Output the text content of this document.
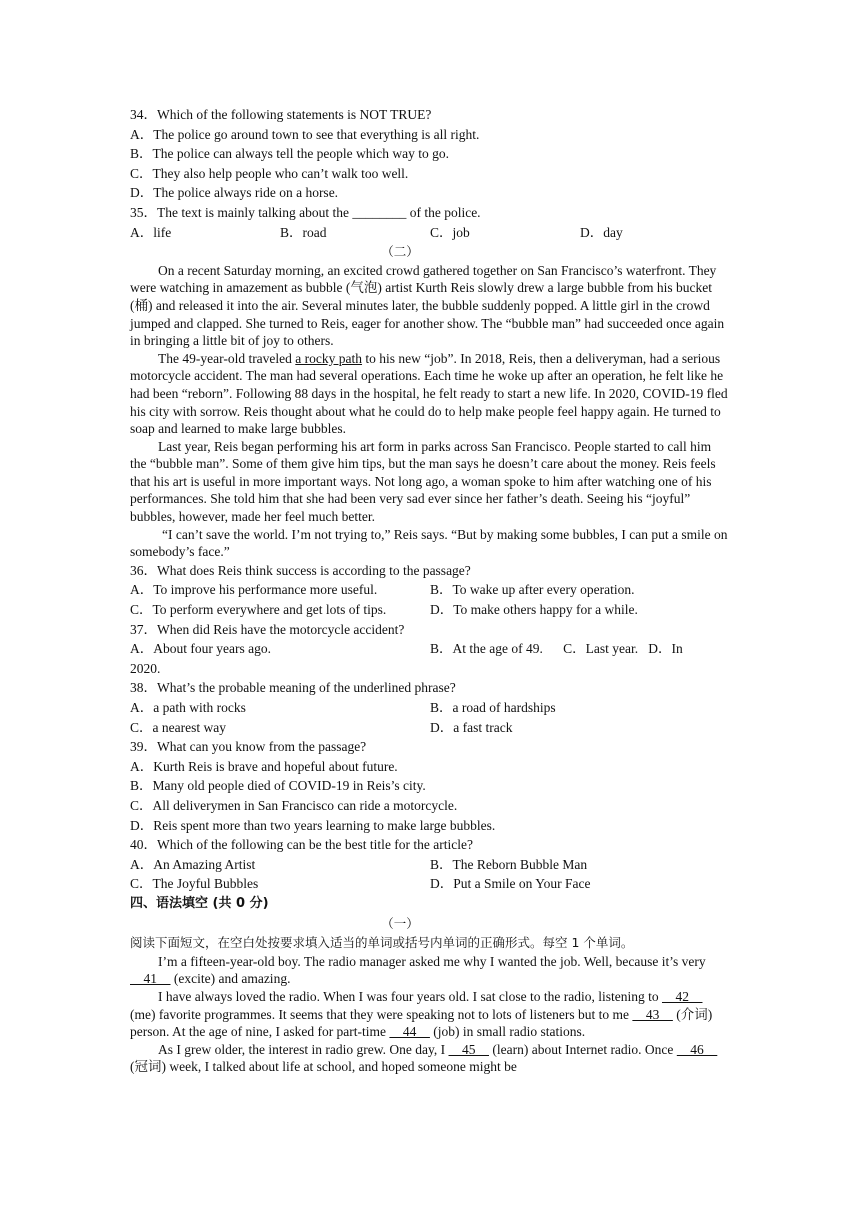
34．Which of the following statements is NOT TRUE?
A．The police go around town to see that everything is all right.
B．The police can always tell the people which way to go.
C．They also help people who can’t walk too well.
D．The police always ride on a horse.
35．The text is mainly talking about the ________ of the police.
A．life	B．road	C．job	D．day
（二）

On a recent Saturday morning, an excited crowd gathered together on San Francisco’s waterfront. They were watching in amazement as bubble (气泡) artist Kurth Reis slowly drew a large bubble from his bucket (桶) and released it into the air. Several minutes later, the bubble suddenly popped. A little girl in the crowd jumped and clapped. She turned to Reis, eager for another show. The “bubble man” had succeeded once again in bringing a little bit of joy to others.

The 49-year-old traveled a rocky path to his new “job”. In 2018, Reis, then a deliveryman, had a serious motorcycle accident. The man had several operations. Each time he woke up after an operation, he felt like he had been “reborn”. Following 88 days in the hospital, he felt ready to start a new life. In 2020, COVID-19 fled his city with sorrow. Reis thought about what he could do to help make people feel happy again. He turned to soap and learned to make large bubbles.

Last year, Reis began performing his art form in parks across San Francisco. People started to call him the “bubble man”. Some of them give him tips, but the man says he doesn’t care about the money. Reis feels that his art is useful in more important ways. Not long ago, a woman spoke to him after watching one of his performances. She told him that she had been very sad ever since her father’s death. Seeing his “joyful” bubbles, however, made her feel much better.

“I can’t save the world. I’m not trying to,” Reis says. “But by making some bubbles, I can put a smile on somebody’s face.”

36．What does Reis think success is according to the passage?
A．To improve his performance more useful.	B．To wake up after every operation.
C．To perform everywhere and get lots of tips.	D．To make others happy for a while.
37．When did Reis have the motorcycle accident?
A．About four years ago.	B．At the age of 49.      C．Last year.   D．In
2020.
38．What’s the probable meaning of the underlined phrase?
A．a path with rocks	B．a road of hardships
C．a nearest way	D．a fast track
39．What can you know from the passage?
A．Kurth Reis is brave and hopeful about future.
B．Many old people died of COVID-19 in Reis’s city.
C．All deliverymen in San Francisco can ride a motorcycle.
D．Reis spent more than two years learning to make large bubbles.
40．Which of the following can be the best title for the article?
A．An Amazing Artist	B．The Reborn Bubble Man
C．The Joyful Bubbles	D．Put a Smile on Your Face
四、语法填空 (共 0 分)
（一）
阅读下面短文，在空白处按要求填入适当的单词或括号内单词的正确形式。每空 1 个单词。

I’m a fifteen-year-old boy. The radio manager asked me why I wanted the job. Well, because it’s very     41     (excite) and amazing.

I have always loved the radio. When I was four years old. I sat close to the radio, listening to     42     (me) favorite programmes. It seems that they were speaking not to lots of listeners but to me     43     (介词) person. At the age of nine, I asked for part-time     44     (job) in small radio stations.

As I grew older, the interest in radio grew. One day, I     45     (learn) about Internet radio. Once     46     (冠词) week, I talked about life at school, and hoped someone might be
